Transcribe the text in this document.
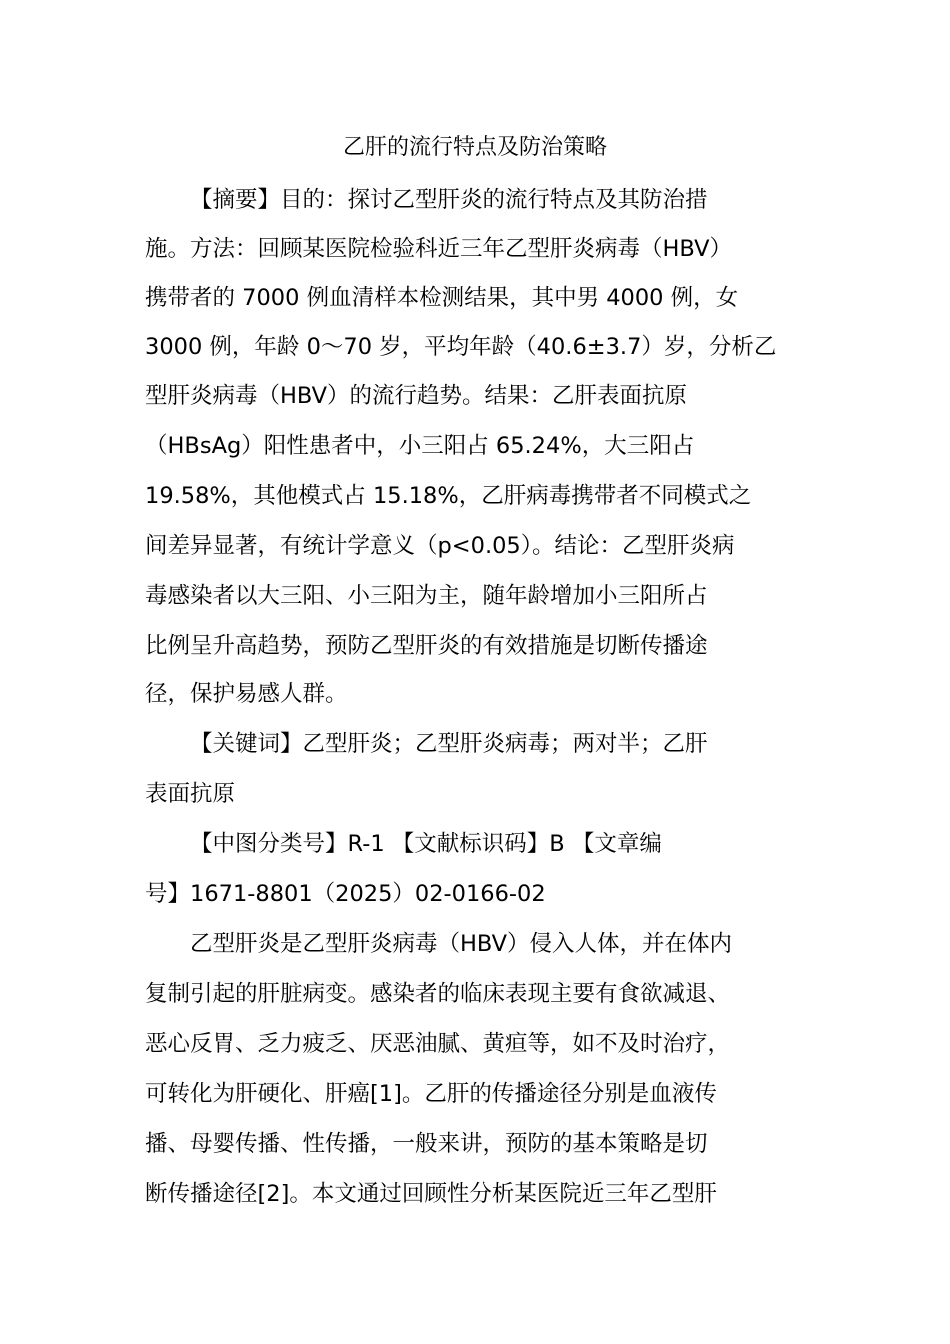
乙肝的流行特点及防治策略
【摘要】目的：探讨乙型肝炎的流行特点及其防治措
施。方法：回顾某医院检验科近三年乙型肝炎病毒（HBV）
携带者的 7000 例血清样本检测结果，其中男 4000 例，女
3000 例，年龄 0～70 岁，平均年龄（40.6±3.7）岁，分析乙
型肝炎病毒（HBV）的流行趋势。结果：乙肝表面抗原
（HBsAg）阳性患者中，小三阳占 65.24%，大三阳占
19.58%，其他模式占 15.18%，乙肝病毒携带者不同模式之
间差异显著，有统计学意义（p<0.05）。结论：乙型肝炎病
毒感染者以大三阳、小三阳为主，随年龄增加小三阳所占
比例呈升高趋势，预防乙型肝炎的有效措施是切断传播途
径，保护易感人群。
【关键词】乙型肝炎；乙型肝炎病毒；两对半；乙肝
表面抗原
【中图分类号】R-1 【文献标识码】B 【文章编
号】1671-8801（2025）02-0166-02
乙型肝炎是乙型肝炎病毒（HBV）侵入人体，并在体内
复制引起的肝脏病变。感染者的临床表现主要有食欲减退、
恶心反胃、乏力疲乏、厌恶油腻、黄疸等，如不及时治疗，
可转化为肝硬化、肝癌[1]。乙肝的传播途径分别是血液传
播、母婴传播、性传播，一般来讲，预防的基本策略是切
断传播途径[2]。本文通过回顾性分析某医院近三年乙型肝
